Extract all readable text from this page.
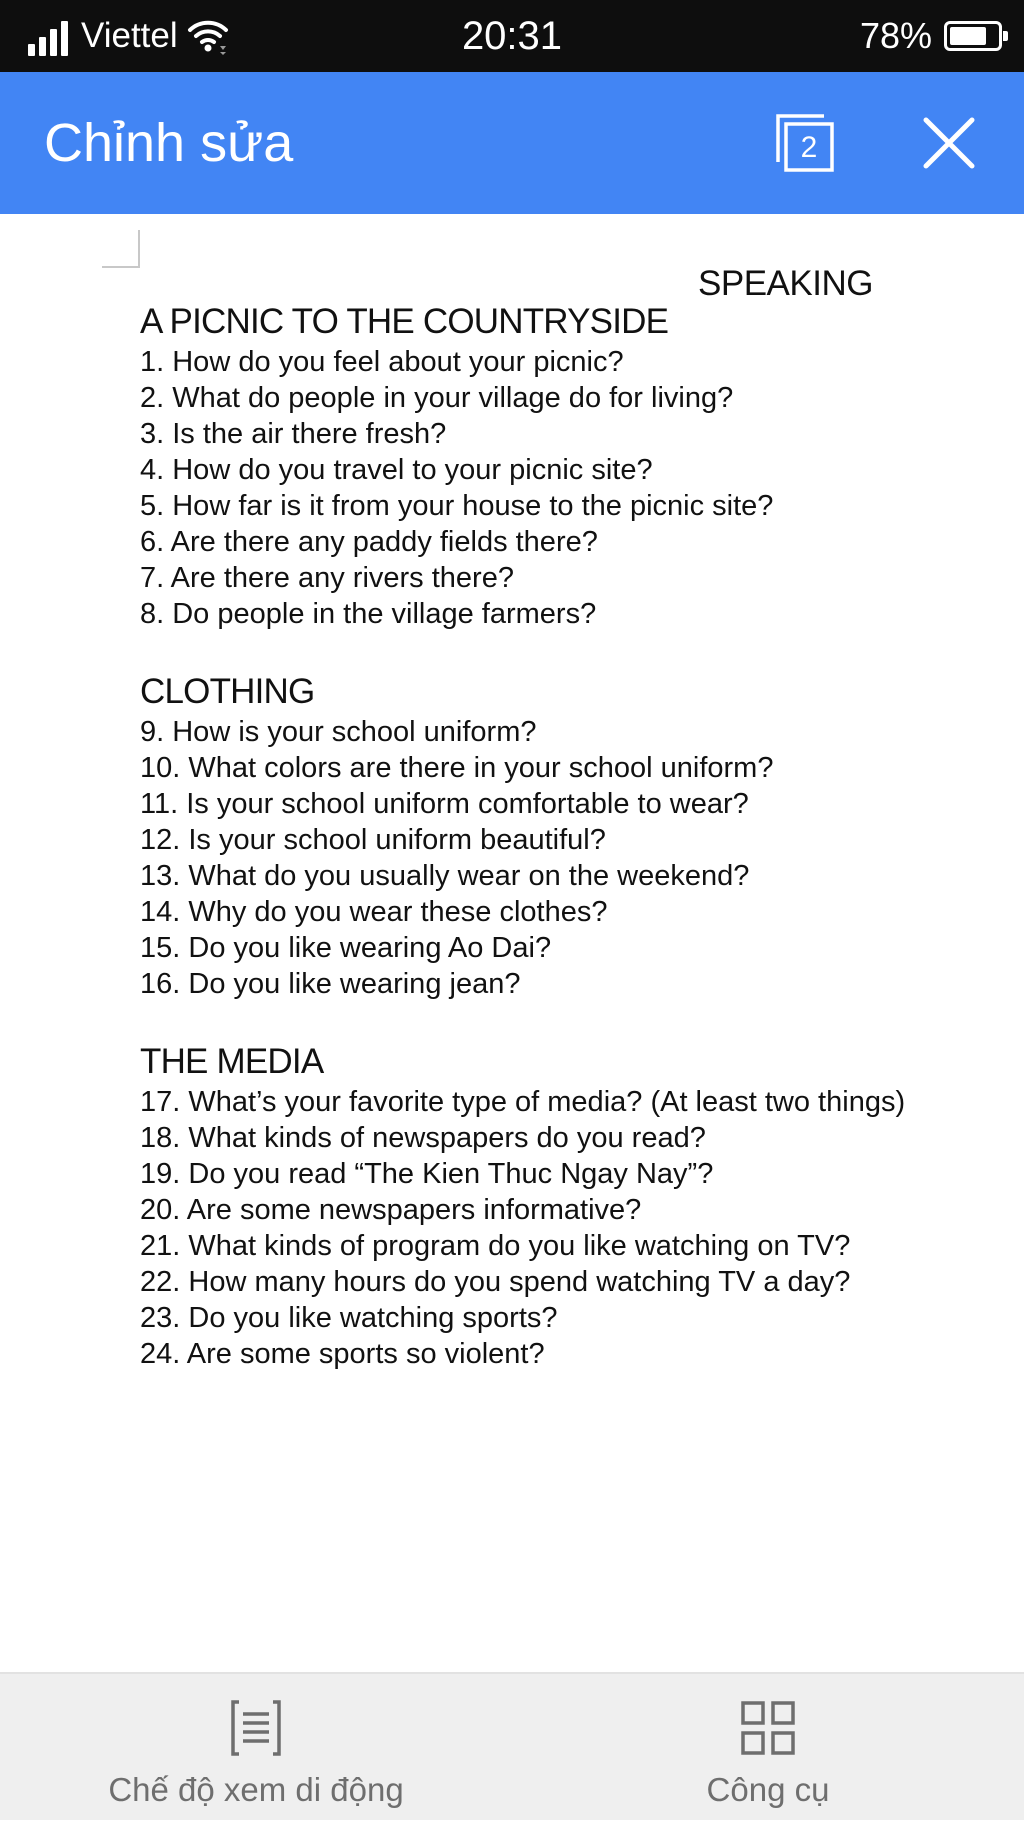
Viettel	20:31	78%
Chỉnh sửa	2
SPEAKING
A PICNIC TO THE COUNTRYSIDE
1. How do you feel about your picnic?
2. What do people in your village do for living?
3. Is the air there fresh?
4. How do you travel to your picnic site?
5. How far is it from your house to the picnic site?
6. Are there any paddy fields there?
7. Are there any rivers there?
8. Do people in the village farmers?
CLOTHING
9. How is your school uniform?
10. What colors are there in your school uniform?
11. Is your school uniform comfortable to wear?
12. Is your school uniform beautiful?
13. What do you usually wear on the weekend?
14. Why do you wear these clothes?
15. Do you like wearing Ao Dai?
16. Do you like wearing jean?
THE MEDIA
17. What’s your favorite type of media? (At least two things)
18. What kinds of newspapers do you read?
19. Do you read “The Kien Thuc Ngay Nay”?
20. Are some newspapers informative?
21. What kinds of program do you like watching on TV?
22. How many hours do you spend watching TV a day?
23. Do you like watching sports?
24. Are some sports so violent?
Chế độ xem di động	Công cụ
